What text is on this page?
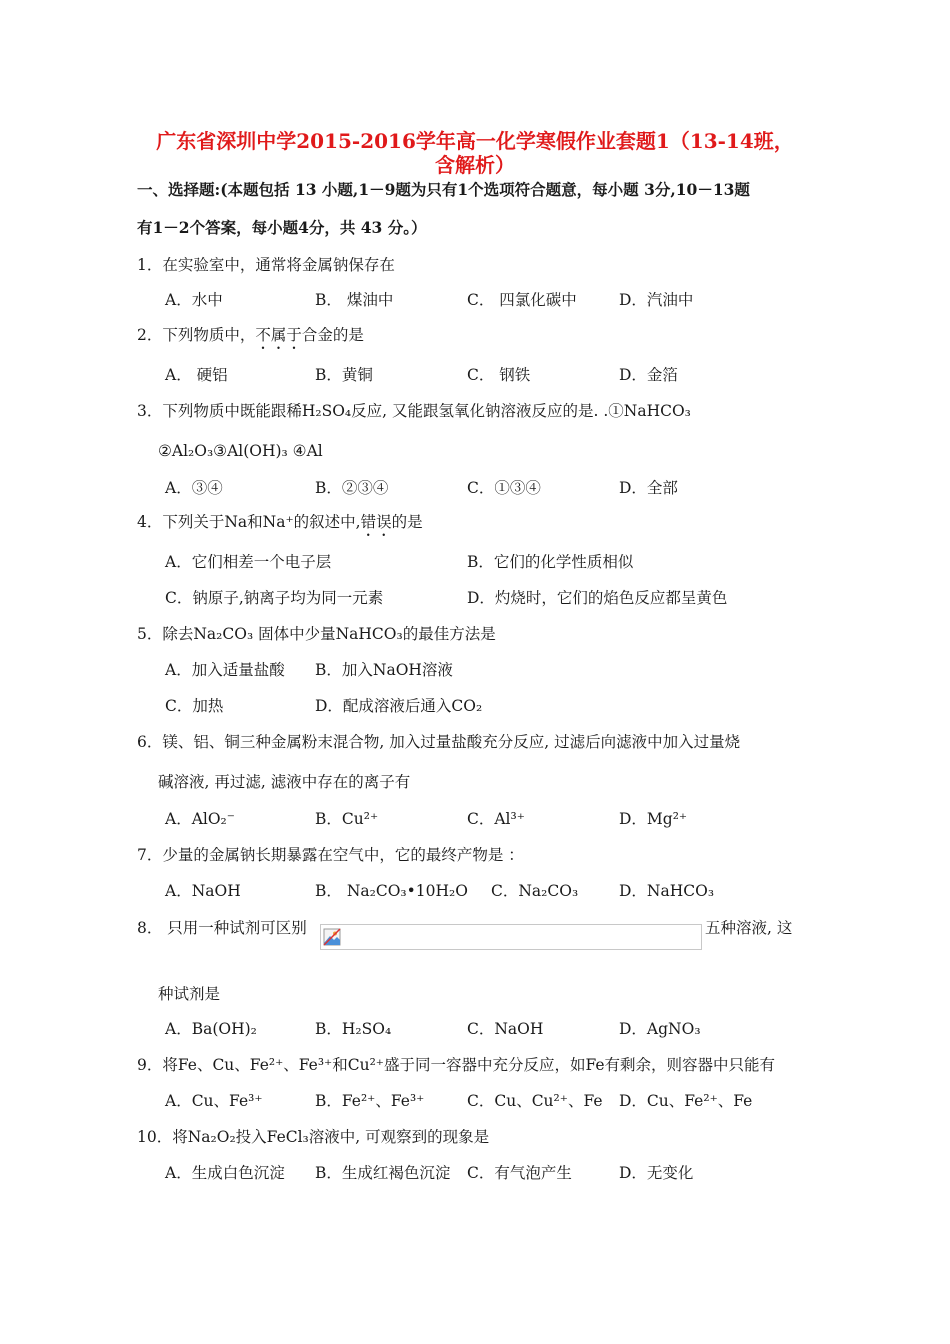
广东省深圳中学2015-2016学年高一化学寒假作业套题1（13-14班，
含解析）
一、选择题:(本题包括 13 小题,1－9题为只有1个选项符合题意，每小题 3分,10－13题
有1－2个答案，每小题4分，共 43 分。）
1．在实验室中，通常将金属钠保存在
A．水中	B． 煤油中	C． 四氯化碳中	D．汽油中
2．下列物质中，不属于合金的是
A． 硬铝	B．黄铜	C． 钢铁	D．金箔
3．下列物质中既能跟稀H₂SO₄反应, 又能跟氢氧化钠溶液反应的是. .①NaHCO₃
②Al₂O₃③Al(OH)₃ ④Al
A．③④	B．②③④	C．①③④	D．全部
4．下列关于Na和Na⁺的叙述中,错误的是
A．它们相差一个电子层	B．它们的化学性质相似
C．钠原子,钠离子均为同一元素	D．灼烧时，它们的焰色反应都呈黄色
5．除去Na₂CO₃ 固体中少量NaHCO₃的最佳方法是
A．加入适量盐酸 B．加入NaOH溶液
C．加热	D．配成溶液后通入CO₂
6．镁、铝、铜三种金属粉末混合物, 加入过量盐酸充分反应, 过滤后向滤液中加入过量烧
碱溶液, 再过滤, 滤液中存在的离子有
A．AlO₂⁻	B．Cu²⁺	C．Al³⁺	D．Mg²⁺
7．少量的金属钠长期暴露在空气中，它的最终产物是 ：
A．NaOH	B． Na₂CO₃•10H₂O C．Na₂CO₃	D．NaHCO₃
8． 只用一种试剂可区别	五种溶液, 这
种试剂是
A．Ba(OH)₂	B．H₂SO₄	C．NaOH	D．AgNO₃
9．将Fe、Cu、Fe²⁺、Fe³⁺和Cu²⁺盛于同一容器中充分反应，如Fe有剩余，则容器中只能有
A．Cu、Fe³⁺	B．Fe²⁺、Fe³⁺	C．Cu、Cu²⁺、Fe D．Cu、Fe²⁺、Fe
10．将Na₂O₂投入FeCl₃溶液中, 可观察到的现象是
A．生成白色沉淀 B．生成红褐色沉淀 C．有气泡产生	D．无变化
